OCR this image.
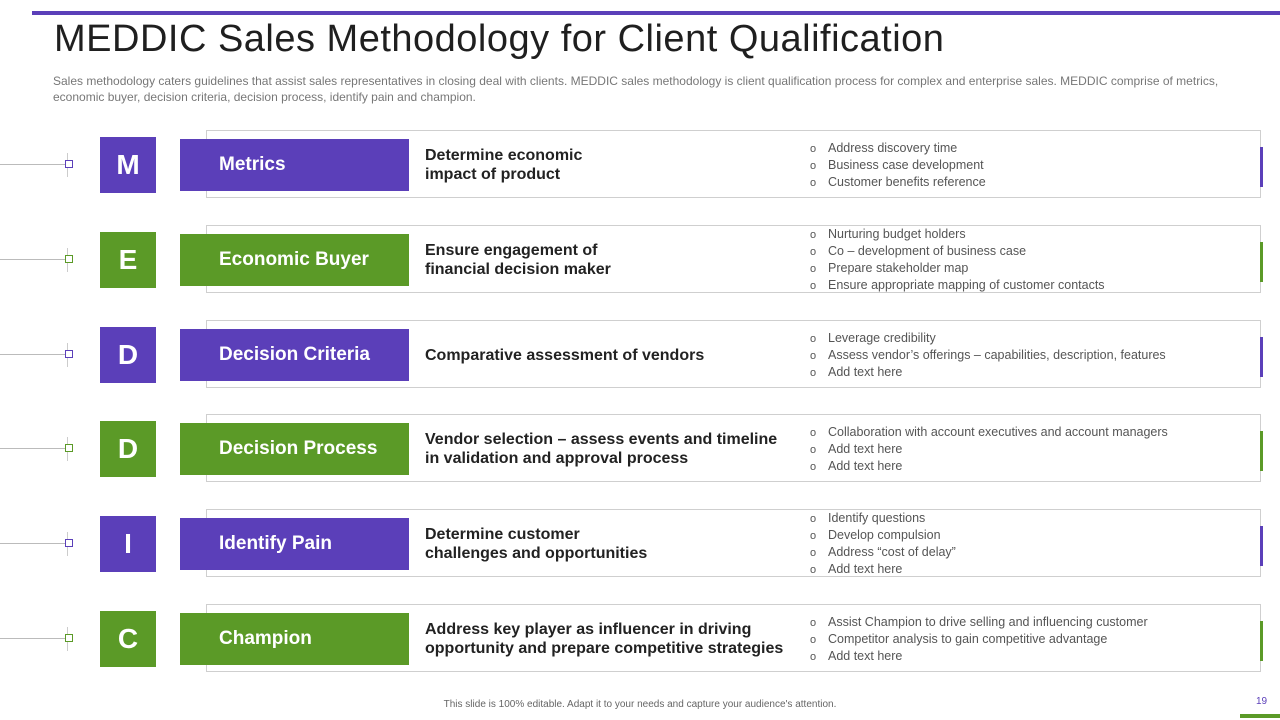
MEDDIC Sales Methodology for Client Qualification
Sales methodology caters guidelines that assist sales representatives in closing deal with clients. MEDDIC sales methodology is client qualification process for complex and enterprise sales. MEDDIC comprise of metrics, economic buyer, decision criteria, decision process, identify pain and champion.
M	Metrics	Determine economic
impact of product
o Address discovery time
o Business case development
o Customer benefits reference
E	Economic Buyer	Ensure engagement of
financial decision maker
o Nurturing budget holders
o Co – development of business case
o Prepare stakeholder map
o Ensure appropriate mapping of customer contacts
D	Decision Criteria	Comparative assessment of vendors
o Leverage credibility
o Assess vendor’s offerings – capabilities, description, features
o Add text here
D	Decision Process	Vendor selection – assess events and timeline
in validation and approval process
o Collaboration with account executives and account managers
o Add text here
o Add text here
I	Identify Pain	Determine customer
challenges and opportunities
o Identify questions
o Develop compulsion
o Address “cost of delay”
o Add text here
C	Champion	Address key player as influencer in driving
opportunity and prepare competitive strategies
o Assist Champion to drive selling and influencing customer
o Competitor analysis to gain competitive advantage
o Add text here
This slide is 100% editable. Adapt it to your needs and capture your audience's attention.	19
